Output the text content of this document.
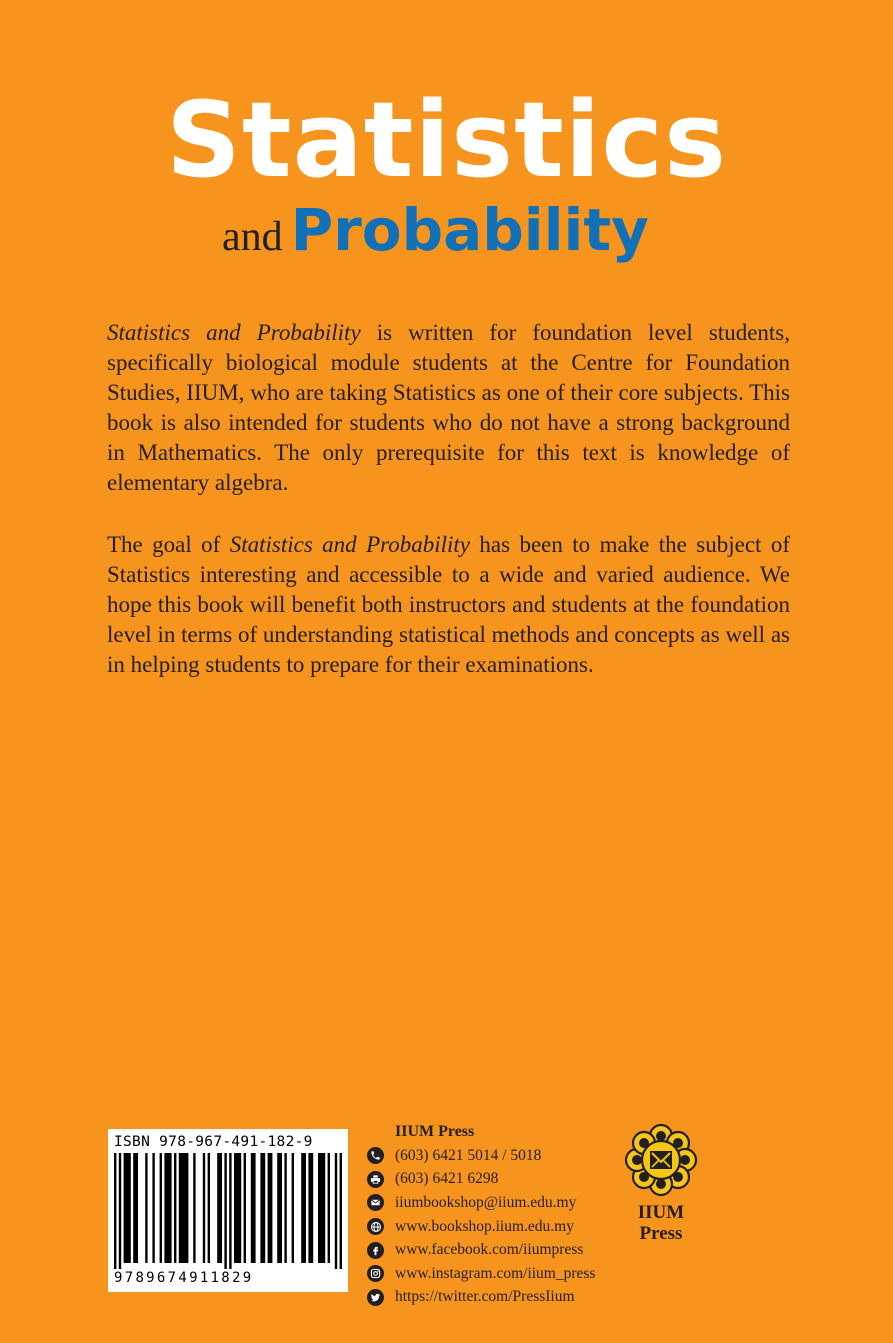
Statistics
and Probability

Statistics and Probability is written for foundation level students, specifically biological module students at the Centre for Foundation Studies, IIUM, who are taking Statistics as one of their core subjects. This book is also intended for students who do not have a strong background in Mathematics. The only prerequisite for this text is knowledge of elementary algebra.

The goal of Statistics and Probability has been to make the subject of Statistics interesting and accessible to a wide and varied audience. We hope this book will benefit both instructors and students at the foundation level in terms of understanding statistical methods and concepts as well as in helping students to prepare for their examinations.

ISBN 978-967-491-182-9
9789674911829
IIUM Press
(603) 6421 5014 / 5018
(603) 6421 6298
iiumbookshop@iium.edu.my
www.bookshop.iium.edu.my
www.facebook.com/iiumpress
www.instagram.com/iium_press
https://twitter.com/PressIium
IIUM
Press
